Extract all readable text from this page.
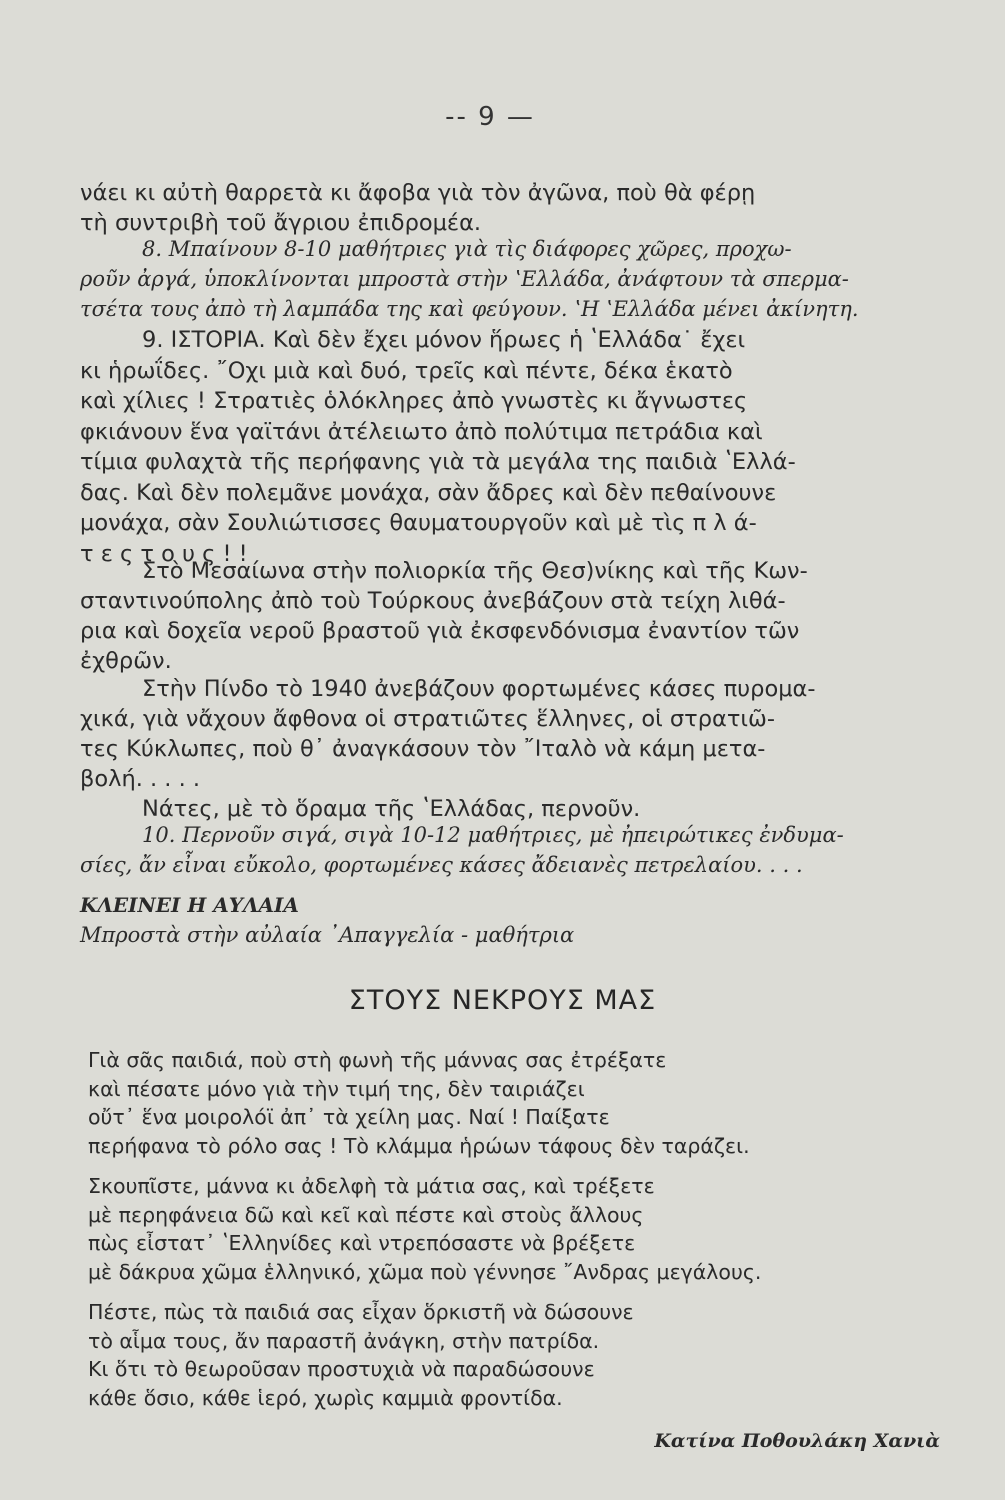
-- 9 —
νάει κι αὐτὴ θαρρετὰ κι ἄφοβα γιὰ τὸν ἀγῶνα, ποὺ θὰ φέρῃ
τὴ συντριβὴ τοῦ ἄγριου ἐπιδρομέα.
8. Μπαίνουν 8-10 μαθήτριες γιὰ τὶς διάφορες χῶρες, προχω-
ροῦν ἀργά, ὑποκλίνονται μπροστὰ στὴν ʽΕλλάδα, ἀνάφτουν τὰ σπερμα-
τσέτα τους ἀπὸ τὴ λαμπάδα της καὶ φεύγουν. ʽΗ ʽΕλλάδα μένει ἀκίνητη.
9. ΙΣΤΟΡΙΑ. Καὶ δὲν ἔχει μόνον ἥρωες ἡ ʽΕλλάδα˙ ἔχει
κι ἡρωΐδες. ῎Οχι μιὰ καὶ δυό, τρεῖς καὶ πέντε, δέκα ἑκατὸ
καὶ χίλιες ! Στρατιὲς ὁλόκληρες ἀπὸ γνωστὲς κι ἄγνωστες
φκιάνουν ἕνα γαϊτάνι ἀτέλειωτο ἀπὸ πολύτιμα πετράδια καὶ
τίμια φυλαχτὰ τῆς περήφανης γιὰ τὰ μεγάλα της παιδιὰ ʽΕλλά-
δας. Καὶ δὲν πολεμᾶνε μονάχα, σὰν ἄδρες καὶ δὲν πεθαίνουνε
μονάχα, σὰν Σουλιώτισσες θαυματουργοῦν καὶ μὲ τὶς π λ ά-
τ ε ς τ ο υ ς ! !
Στὸ Μεσαίωνα στὴν πολιορκία τῆς Θεσ)νίκης καὶ τῆς Κων-
σταντινούπολης ἀπὸ τοὺ Τούρκους ἀνεβάζουν στὰ τείχη λιθά-
ρια καὶ δοχεῖα νεροῦ βραστοῦ γιὰ ἐκσφενδόνισμα ἐναντίον τῶν
ἐχθρῶν.
Στὴν Πίνδο τὸ 1940 ἀνεβάζουν φορτωμένες κάσες πυρομα-
χικά, γιὰ νἄχουν ἄφθονα οἱ στρατιῶτες ἕλληνες, οἱ στρατιῶ-
τες Κύκλωπες, ποὺ θ᾿ ἀναγκάσουν τὸν ῎Ιταλὸ νὰ κάμη μετα-
βολή. . . . .
Νάτες, μὲ τὸ ὅραμα τῆς ʽΕλλάδας, περνοῦν.
10. Περνοῦν σιγά, σιγὰ 10-12 μαθήτριες, μὲ ἠπειρώτικες ἐνδυμα-
σίες, ἄν εἶναι εὔκολο, φορτωμένες κάσες ἄδειανὲς πετρελαίου. . . .
ΚΛΕΙΝΕΙ Η ΑΥΛΑΙΑ
Μπροστὰ στὴν αὐλαία ᾿Απαγγελία - μαθήτρια
ΣΤΟΥΣ ΝΕΚΡΟΥΣ ΜΑΣ
Γιὰ σᾶς παιδιά, ποὺ στὴ φωνὴ τῆς μάννας σας ἐτρέξατε
καὶ πέσατε μόνο γιὰ τὴν τιμή της, δὲν ταιριάζει
οὔτ᾿ ἕνα μοιρολόϊ ἀπ᾿ τὰ χείλη μας. Ναί ! Παίξατε
περήφανα τὸ ρόλο σας ! Τὸ κλάμμα ἡρώων τάφους δὲν ταράζει.
Σκουπῖστε, μάννα κι ἀδελφὴ τὰ μάτια σας, καὶ τρέξετε
μὲ περηφάνεια δῶ καὶ κεῖ καὶ πέστε καὶ στοὺς ἄλλους
πὼς εἶστατ᾿ ʽΕλληνίδες καὶ ντρεπόσαστε νὰ βρέξετε
μὲ δάκρυα χῶμα ἑλληνικό, χῶμα ποὺ γέννησε ῎Ανδρας μεγάλους.
Πέστε, πὼς τὰ παιδιά σας εἶχαν ὅρκιστῆ νὰ δώσουνε
τὸ αἷμα τους, ἄν παραστῆ ἀνάγκη, στὴν πατρίδα.
Κι ὅτι τὸ θεωροῦσαν προστυχιὰ νὰ παραδώσουνε
κάθε ὅσιο, κάθε ἱερό, χωρὶς καμμιὰ φροντίδα.
Κατίνα Ποθουλάκη Χανιὰ
